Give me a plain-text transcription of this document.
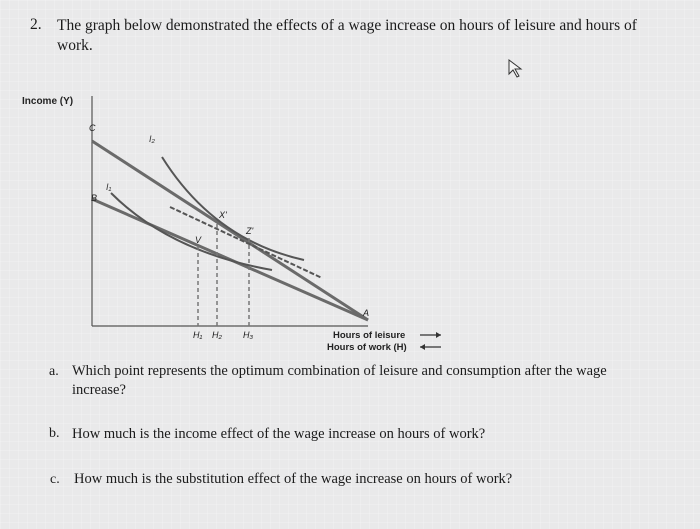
2. The graph below demonstrated the effects of a wage increase on hours of leisure and hours of work.
Income (Y)
C
B
A
X'
Z'
V
I₁
I₂
H₁ H₂ H₃	Hours of leisure
Hours of work (H)
a. Which point represents the optimum combination of leisure and consumption after the wage
increase?
b. How much is the income effect of the wage increase on hours of work?
c. How much is the substitution effect of the wage increase on hours of work?
